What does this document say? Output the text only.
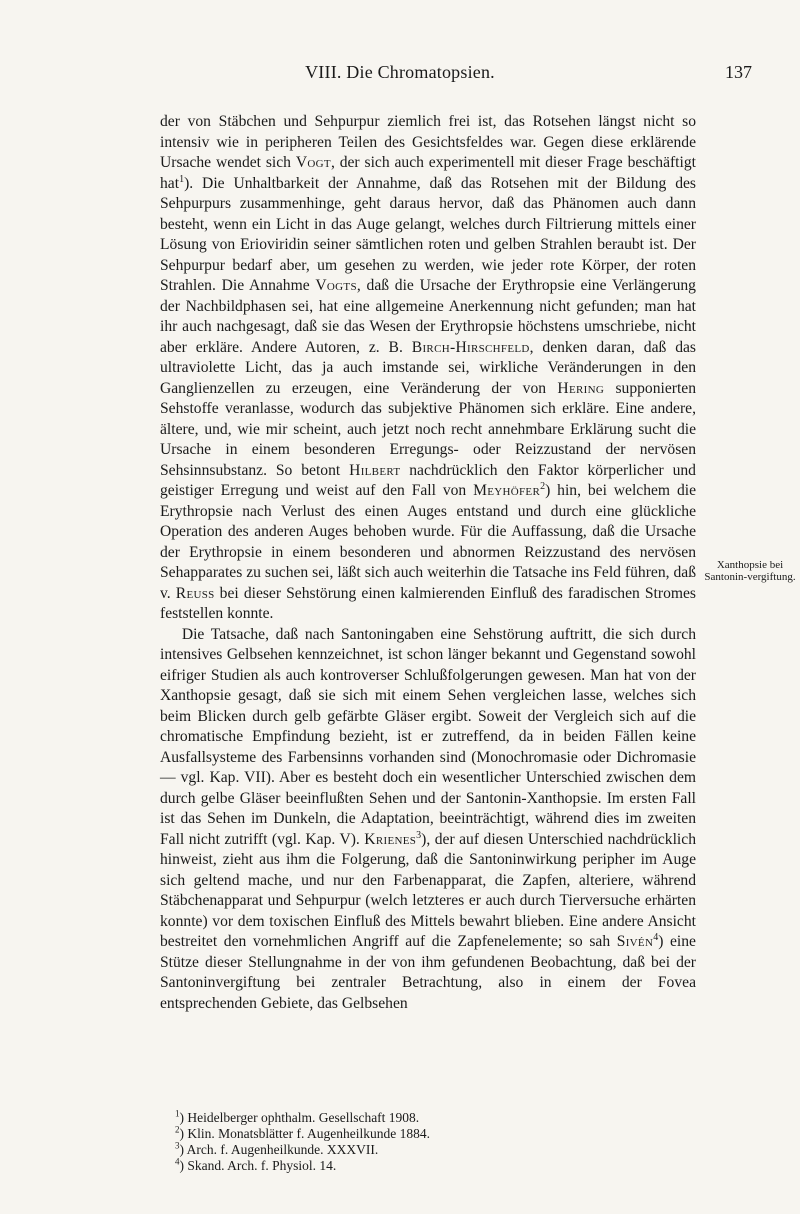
VIII. Die Chromatopsien.	137

der von Stäbchen und Sehpurpur ziemlich frei ist, das Rotsehen längst nicht so intensiv wie in peripheren Teilen des Gesichtsfeldes war. Gegen diese erklärende Ursache wendet sich Vogt, der sich auch experimentell mit dieser Frage beschäftigt hat$^1$). Die Unhaltbarkeit der Annahme, daß das Rotsehen mit der Bildung des Sehpurpurs zusammenhinge, geht daraus hervor, daß das Phänomen auch dann besteht, wenn ein Licht in das Auge gelangt, welches durch Filtrierung mittels einer Lösung von Erioviridin seiner sämtlichen roten und gelben Strahlen beraubt ist. Der Sehpurpur bedarf aber, um gesehen zu werden, wie jeder rote Körper, der roten Strahlen. Die Annahme Vogts, daß die Ursache der Erythropsie eine Verlängerung der Nachbildphasen sei, hat eine allgemeine Anerkennung nicht gefunden; man hat ihr auch nachgesagt, daß sie das Wesen der Erythropsie höchstens umschriebe, nicht aber erkläre. Andere Autoren, z. B. Birch-Hirschfeld, denken daran, daß das ultraviolette Licht, das ja auch imstande sei, wirkliche Veränderungen in den Ganglienzellen zu erzeugen, eine Veränderung der von Hering supponierten Sehstoffe veranlasse, wodurch das subjektive Phänomen sich erkläre. Eine andere, ältere, und, wie mir scheint, auch jetzt noch recht annehmbare Erklärung sucht die Ursache in einem besonderen Erregungs- oder Reizzustand der nervösen Sehsinnsubstanz. So betont Hilbert nachdrücklich den Faktor körperlicher und geistiger Erregung und weist auf den Fall von Meyhöfer$^2$) hin, bei welchem die Erythropsie nach Verlust des einen Auges entstand und durch eine glückliche Operation des anderen Auges behoben wurde. Für die Auffassung, daß die Ursache der Erythropsie in einem besonderen und abnormen Reizzustand des nervösen Sehapparates zu suchen sei, läßt sich auch weiterhin die Tatsache ins Feld führen, daß v. Reuss bei dieser Sehstörung einen kalmierenden Einfluß des faradischen Stromes feststellen konnte.

Die Tatsache, daß nach Santoningaben eine Sehstörung auftritt, die sich durch intensives Gelbsehen kennzeichnet, ist schon länger bekannt und Gegenstand sowohl eifriger Studien als auch kontroverser Schlußfolgerungen gewesen. Man hat von der Xanthopsie gesagt, daß sie sich mit einem Sehen vergleichen lasse, welches sich beim Blicken durch gelb gefärbte Gläser ergibt. Soweit der Vergleich sich auf die chromatische Empfindung bezieht, ist er zutreffend, da in beiden Fällen keine Ausfallsysteme des Farbensinns vorhanden sind (Monochromasie oder Dichromasie — vgl. Kap. VII). Aber es besteht doch ein wesentlicher Unterschied zwischen dem durch gelbe Gläser beeinflußten Sehen und der Santonin-Xanthopsie. Im ersten Fall ist das Sehen im Dunkeln, die Adaptation, beeinträchtigt, während dies im zweiten Fall nicht zutrifft (vgl. Kap. V). Krienes$^3$), der auf diesen Unterschied nachdrücklich hinweist, zieht aus ihm die Folgerung, daß die Santoninwirkung peripher im Auge sich geltend mache, und nur den Farbenapparat, die Zapfen, alteriere, während Stäbchenapparat und Sehpurpur (welch letzteres er auch durch Tierversuche erhärten konnte) vor dem toxischen Einfluß des Mittels bewahrt blieben. Eine andere Ansicht bestreitet den vornehmlichen Angriff auf die Zapfenelemente; so sah Sivén$^4$) eine Stütze dieser Stellungnahme in der von ihm gefundenen Beobachtung, daß bei der Santoninvergiftung bei zentraler Betrachtung, also in einem der Fovea entsprechenden Gebiete, das Gelbsehen

Xanthopsie bei Santonin-vergiftung.

$^1$) Heidelberger ophthalm. Gesellschaft 1908.

$^2$) Klin. Monatsblätter f. Augenheilkunde 1884.

$^3$) Arch. f. Augenheilkunde. XXXVII.

$^4$) Skand. Arch. f. Physiol. 14.
